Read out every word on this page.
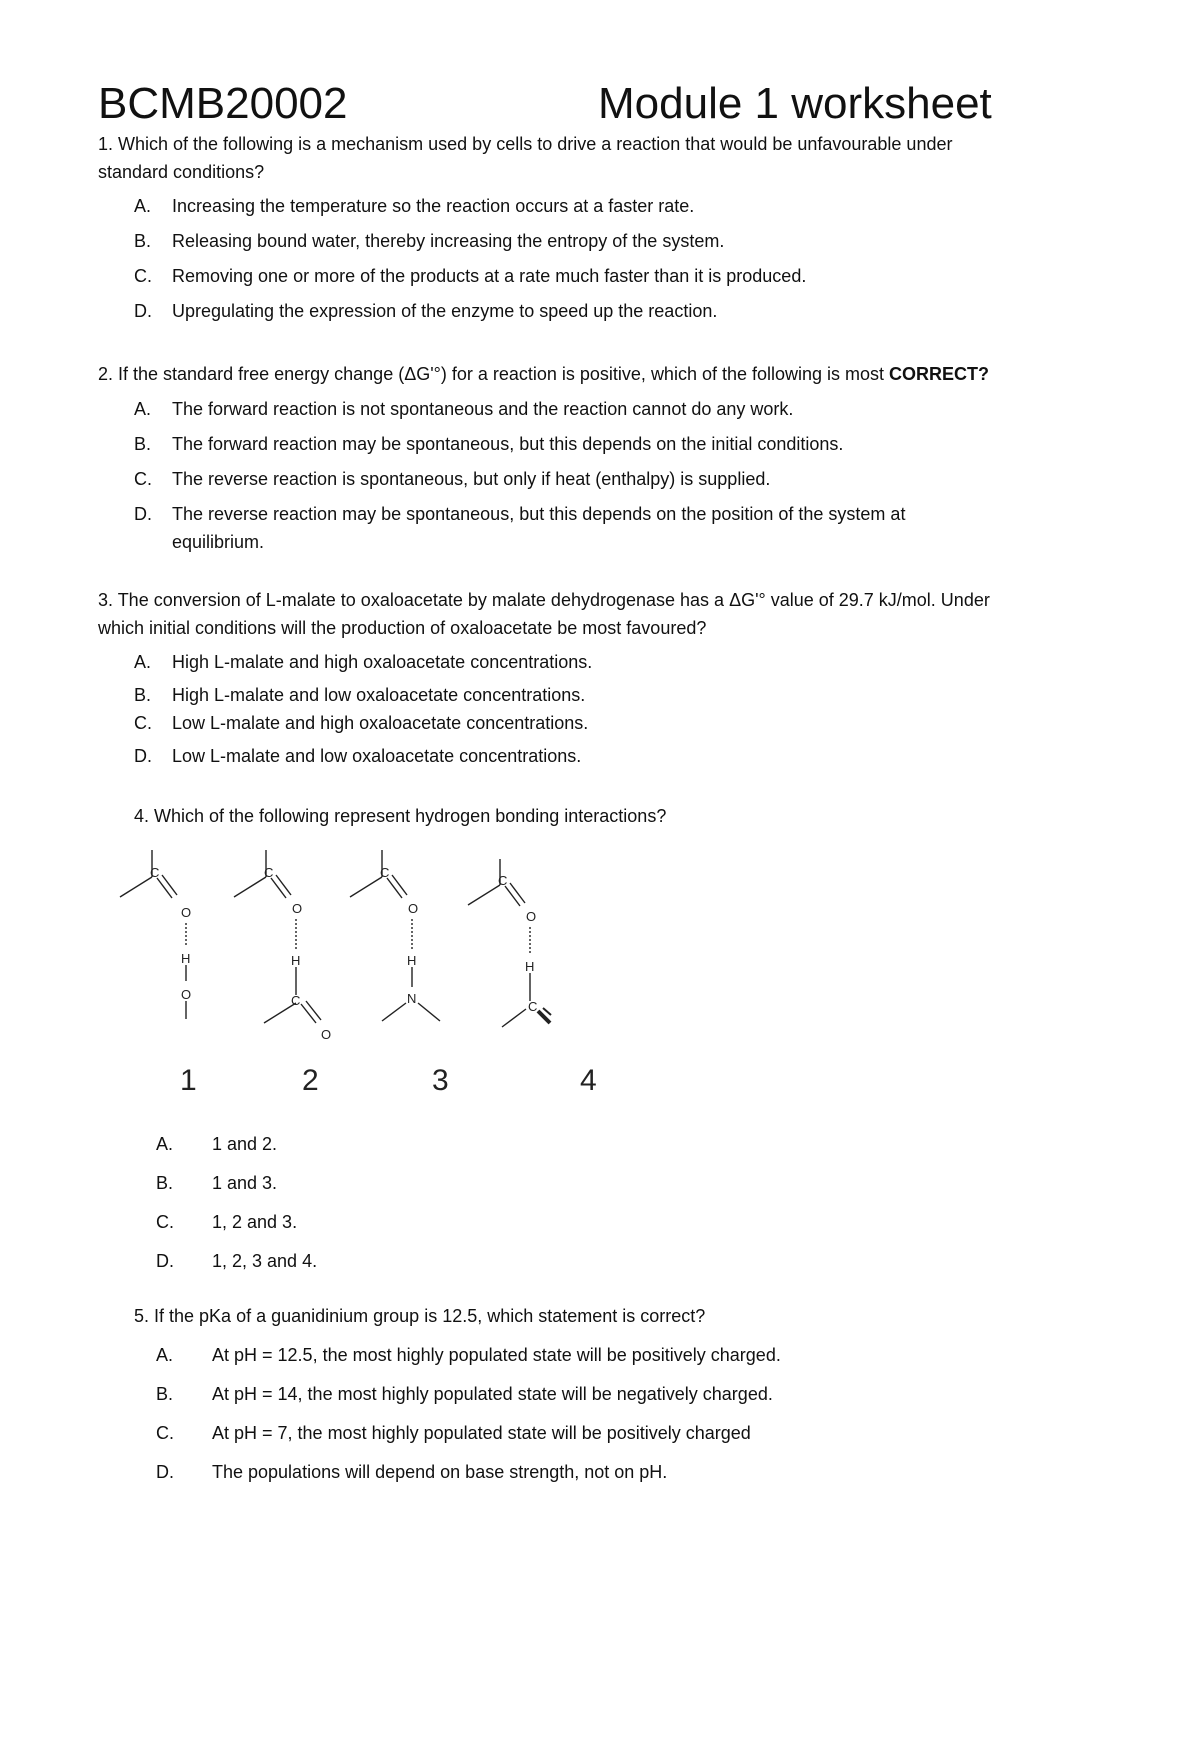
BCMB20002	Module 1 worksheet
1. Which of the following is a mechanism used by cells to drive a reaction that would be unfavourable under
standard conditions?
A. Increasing the temperature so the reaction occurs at a faster rate.
B. Releasing bound water, thereby increasing the entropy of the system.
C. Removing one or more of the products at a rate much faster than it is produced.
D. Upregulating the expression of the enzyme to speed up the reaction.
2. If the standard free energy change (ΔG'°) for a reaction is positive, which of the following is most CORRECT?
A. The forward reaction is not spontaneous and the reaction cannot do any work.
B. The forward reaction may be spontaneous, but this depends on the initial conditions.
C. The reverse reaction is spontaneous, but only if heat (enthalpy) is supplied.
D. The reverse reaction may be spontaneous, but this depends on the position of the system at
equilibrium.
3. The conversion of L-malate to oxaloacetate by malate dehydrogenase has a ΔG'° value of 29.7 kJ/mol. Under
which initial conditions will the production of oxaloacetate be most favoured?
A. High L-malate and high oxaloacetate concentrations.
B. High L-malate and low oxaloacetate concentrations.
C. Low L-malate and high oxaloacetate concentrations.
D. Low L-malate and low oxaloacetate concentrations.
4. Which of the following represent hydrogen bonding interactions?
C
O
H
O
C
O
H
C
O
C
O
H
N
C
O
H
C
1	2	3	4
A. 1 and 2.
B. 1 and 3.
C. 1, 2 and 3.
D. 1, 2, 3 and 4.
5. If the pKa of a guanidinium group is 12.5, which statement is correct?
A. At pH = 12.5, the most highly populated state will be positively charged.
B. At pH = 14, the most highly populated state will be negatively charged.
C. At pH = 7, the most highly populated state will be positively charged
D. The populations will depend on base strength, not on pH.
